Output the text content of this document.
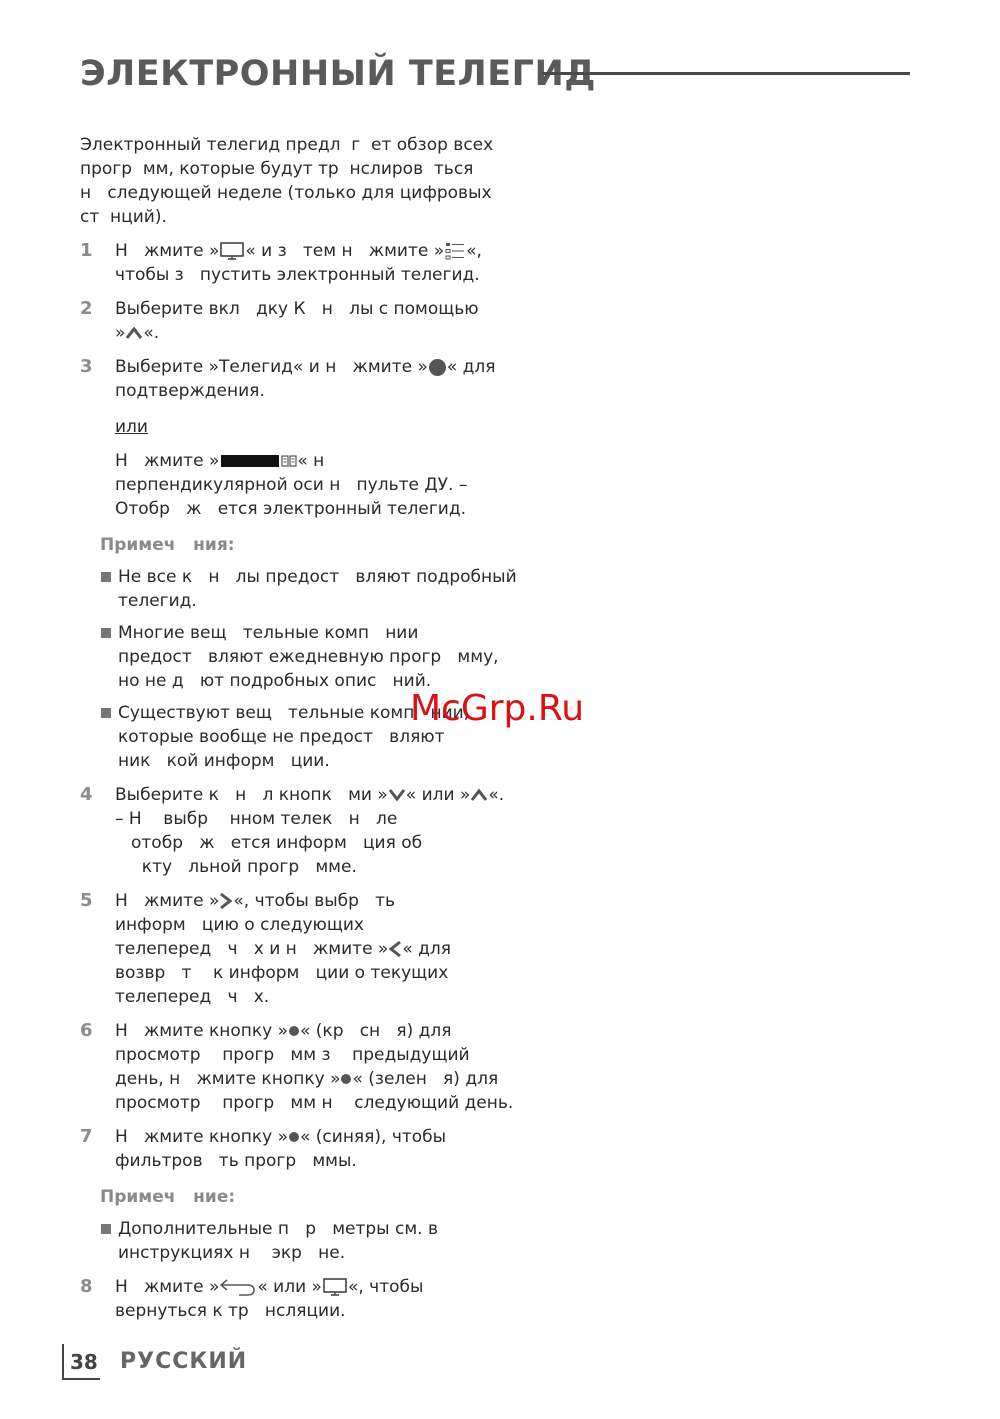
ЭЛЕКТРОННЫЙ ТЕЛЕГИД

Электронный телегид предл  г  ет обзор всех

прогр  мм, которые будут тр  нслиров  ться

н   следующей неделе (только для цифровых

ст  нций).

1 Н   жмите » « и з   тем н   жмите » «,
чтобы з   пустить электронный телегид.
2 Выберите вкл   дку К   н   лы с помощью
» «.
3 Выберите »Телегид« и н   жмите » « для
подтверждения.
или
Н   жмите »	« н
перпендикулярной оси н   пульте ДУ. –
Отобр   ж   ется электронный телегид.
Примеч   ния:
Не все к   н   лы предост   вляют подробный
телегид.
Многие вещ   тельные комп   нии
предост   вляют ежедневную прогр   мму,
но не д   ют подробных опис   ний.
Существуют вещ   тельные комп   нии,
которые вообще не предост   вляют
ник   кой информ   ции.
4 Выберите к   н   л кнопк   ми » « или » «.
– Н    выбр    нном телек   н   ле
отобр   ж   ется информ   ция об
кту   льной прогр   мме.
5 Н   жмите » «, чтобы выбр   ть
информ   цию о следующих
телеперед   ч   х и н   жмите » « для
возвр   т    к информ   ции о текущих
телеперед   ч   х.
6 Н   жмите кнопку » « (кр   сн   я) для
просмотр    прогр   мм з    предыдущий
день, н   жмите кнопку » « (зелен   я) для
просмотр    прогр   мм н    следующий день.
7 Н   жмите кнопку » « (синяя), чтобы
фильтров   ть прогр   ммы.
Примеч   ние:
Дополнительные п   р   метры см. в
инструкциях н    экр   не.
8 Н   жмите » « или » «, чтобы
вернуться к тр   нсляции.
McGrp.Ru
38 РУССКИЙ
